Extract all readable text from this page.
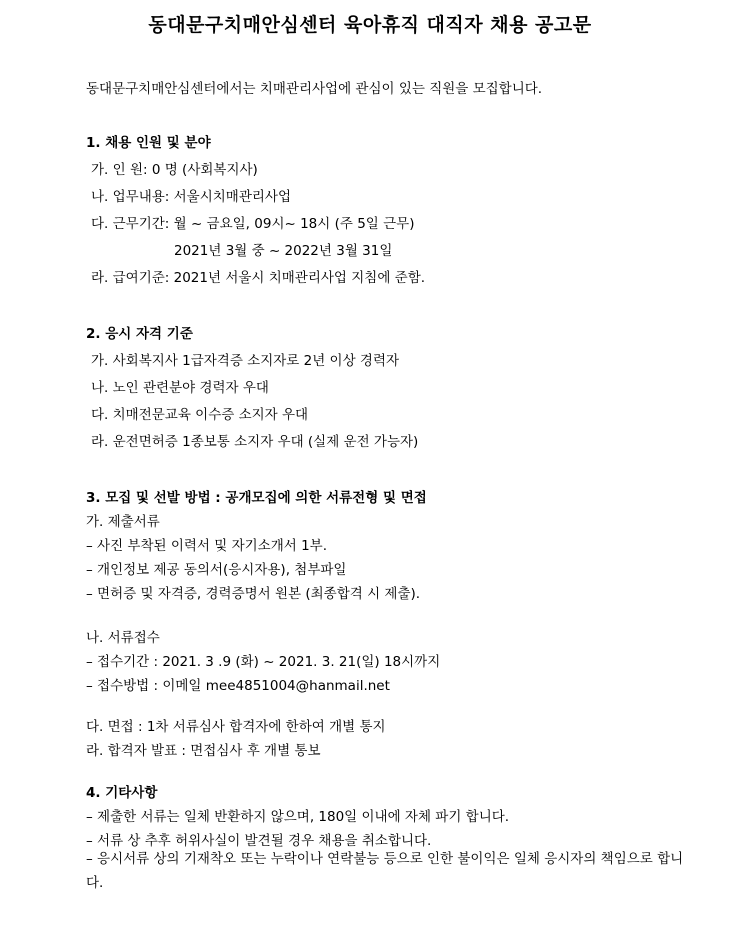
동대문구치매안심센터 육아휴직 대직자 채용 공고문
동대문구치매안심센터에서는 치매관리사업에 관심이 있는 직원을 모집합니다.
1. 채용 인원 및 분야
가. 인 원: 0 명 (사회복지사)
나. 업무내용: 서울시치매관리사업
다. 근무기간: 월 ~ 금요일, 09시~ 18시 (주 5일 근무)
2021년 3월 중 ~ 2022년 3월 31일
라. 급여기준: 2021년 서울시 치매관리사업 지침에 준함.
2. 응시 자격 기준
가. 사회복지사 1급자격증 소지자로 2년 이상 경력자
나. 노인 관련분야 경력자 우대
다. 치매전문교육 이수증 소지자 우대
라. 운전면허증 1종보통 소지자 우대 (실제 운전 가능자)
3. 모집 및 선발 방법 : 공개모집에 의한 서류전형 및 면접
가. 제출서류
– 사진 부착된 이력서 및 자기소개서 1부.
– 개인정보 제공 동의서(응시자용), 첨부파일
– 면허증 및 자격증, 경력증명서 원본 (최종합격 시 제출).
나. 서류접수
– 접수기간 : 2021. 3 .9 (화) ~ 2021. 3. 21(일) 18시까지
– 접수방법 : 이메일 mee4851004@hanmail.net
다. 면접 : 1차 서류심사 합격자에 한하여 개별 통지
라. 합격자 발표 : 면접심사 후 개별 통보
4. 기타사항
– 제출한 서류는 일체 반환하지 않으며, 180일 이내에 자체 파기 합니다.
– 서류 상 추후 허위사실이 발견될 경우 채용을 취소합니다.
– 응시서류 상의 기재착오 또는 누락이나 연락불능 등으로 인한 불이익은 일체 응시자의 책임으로 합니다.
